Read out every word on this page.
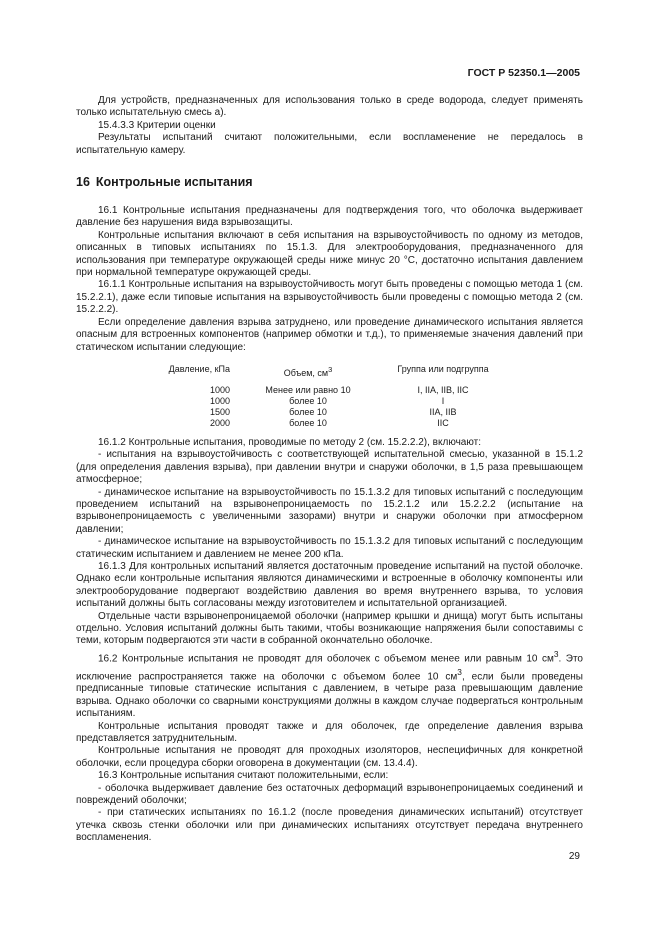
ГОСТ Р 52350.1—2005

Для устройств, предназначенных для использования только в среде водорода, следует применять только испытательную смесь а).

15.4.3.3 Критерии оценки

Результаты испытаний считают положительными, если воспламенение не передалось в испытательную камеру.

16 Контрольные испытания

16.1 Контрольные испытания предназначены для подтверждения того, что оболочка выдерживает давление без нарушения вида взрывозащиты.

Контрольные испытания включают в себя испытания на взрывоустойчивость по одному из методов, описанных в типовых испытаниях по 15.1.3. Для электрооборудования, предназначенного для использования при температуре окружающей среды ниже минус 20 °С, достаточно испытания давлением при нормальной температуре окружающей среды.

16.1.1 Контрольные испытания на взрывоустойчивость могут быть проведены с помощью метода 1 (см. 15.2.2.1), даже если типовые испытания на взрывоустойчивость были проведены с помощью метода 2 (см. 15.2.2.2).

Если определение давления взрыва затруднено, или проведение динамического испытания является опасным для встроенных компонентов (например обмотки и т.д.), то применяемые значения давлений при статическом испытании следующие:

Давление, кПа	Объем, $см^3$	Группа или подгруппа
1000	Менее или равно 10	I, IIA, IIB, IIC
1000	более 10	I
1500	более 10	IIA, IIB
2000	более 10	IIC

16.1.2 Контрольные испытания, проводимые по методу 2 (см. 15.2.2.2), включают:

- испытания на взрывоустойчивость с соответствующей испытательной смесью, указанной в 15.1.2 (для определения давления взрыва), при давлении внутри и снаружи оболочки, в 1,5 раза превышающем атмосферное;

- динамическое испытание на взрывоустойчивость по 15.1.3.2 для типовых испытаний с последующим проведением испытаний на взрывонепроницаемость по 15.2.1.2 или 15.2.2.2 (испытание на взрывонепроницаемость с увеличенными зазорами) внутри и снаружи оболочки при атмосферном давлении;

- динамическое испытание на взрывоустойчивость по 15.1.3.2 для типовых испытаний с последующим статическим испытанием и давлением не менее 200 кПа.

16.1.3 Для контрольных испытаний является достаточным проведение испытаний на пустой оболочке. Однако если контрольные испытания являются динамическими и встроенные в оболочку компоненты или электрооборудование подвергают воздействию давления во время внутреннего взрыва, то условия испытаний должны быть согласованы между изготовителем и испытательной организацией.

Отдельные части взрывонепроницаемой оболочки (например крышки и днища) могут быть испытаны отдельно. Условия испытаний должны быть такими, чтобы возникающие напряжения были сопоставимы с теми, которым подвергаются эти части в собранной окончательно оболочке.

16.2 Контрольные испытания не проводят для оболочек с объемом менее или равным 10 $см^3$. Это исключение распространяется также на оболочки с объемом более 10 $см^3$, если были проведены предписанные типовые статические испытания с давлением, в четыре раза превышающим давление взрыва. Однако оболочки со сварными конструкциями должны в каждом случае подвергаться контрольным испытаниям.

Контрольные испытания проводят также и для оболочек, где определение давления взрыва представляется затруднительным.

Контрольные испытания не проводят для проходных изоляторов, неспецифичных для конкретной оболочки, если процедура сборки оговорена в документации (см. 13.4.4).

16.3 Контрольные испытания считают положительными, если:

- оболочка выдерживает давление без остаточных деформаций взрывонепроницаемых соединений и повреждений оболочки;

- при статических испытаниях по 16.1.2 (после проведения динамических испытаний) отсутствует утечка сквозь стенки оболочки или при динамических испытаниях отсутствует передача внутреннего воспламенения.

29
